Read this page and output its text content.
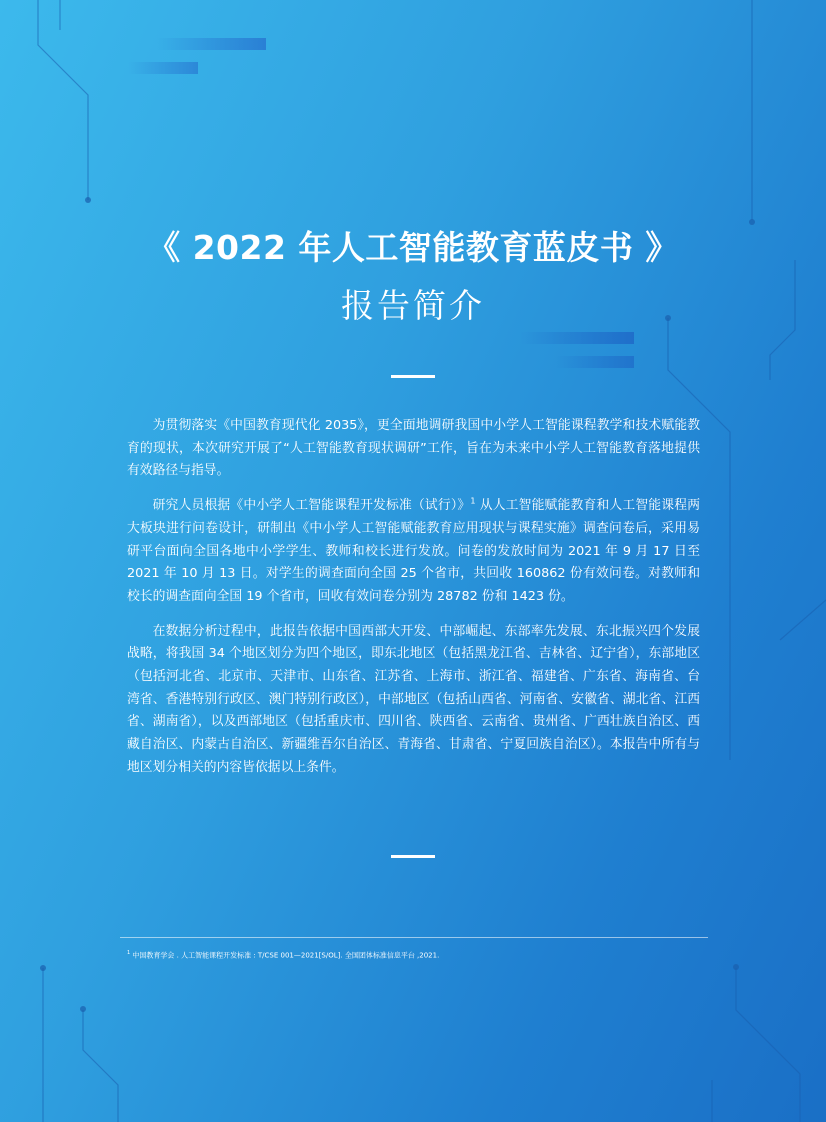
《 2022 年人工智能教育蓝皮书 》
报告简介

为贯彻落实《中国教育现代化 2035》，更全面地调研我国中小学人工智能课程教学和技术赋能教育的现状，本次研究开展了“人工智能教育现状调研”工作，旨在为未来中小学人工智能教育落地提供有效路径与指导。

研究人员根据《中小学人工智能课程开发标准（试行）》$^1$ 从人工智能赋能教育和人工智能课程两大板块进行问卷设计，研制出《中小学人工智能赋能教育应用现状与课程实施》调查问卷后，采用易研平台面向全国各地中小学学生、教师和校长进行发放。问卷的发放时间为 2021 年 9 月 17 日至 2021 年 10 月 13 日。对学生的调查面向全国 25 个省市，共回收 160862 份有效问卷。对教师和校长的调查面向全国 19 个省市，回收有效问卷分别为 28782 份和 1423 份。

在数据分析过程中，此报告依据中国西部大开发、中部崛起、东部率先发展、东北振兴四个发展战略，将我国 34 个地区划分为四个地区，即东北地区（包括黑龙江省、吉林省、辽宁省），东部地区（包括河北省、北京市、天津市、山东省、江苏省、上海市、浙江省、福建省、广东省、海南省、台湾省、香港特别行政区、澳门特别行政区），中部地区（包括山西省、河南省、安徽省、湖北省、江西省、湖南省），以及西部地区（包括重庆市、四川省、陕西省、云南省、贵州省、广西壮族自治区、西藏自治区、内蒙古自治区、新疆维吾尔自治区、青海省、甘肃省、宁夏回族自治区）。本报告中所有与地区划分相关的内容皆依据以上条件。

$^1$ 中国教育学会 . 人工智能课程开发标准 : T/CSE 001—2021[S/OL]. 全国团体标准信息平台 ,2021.
